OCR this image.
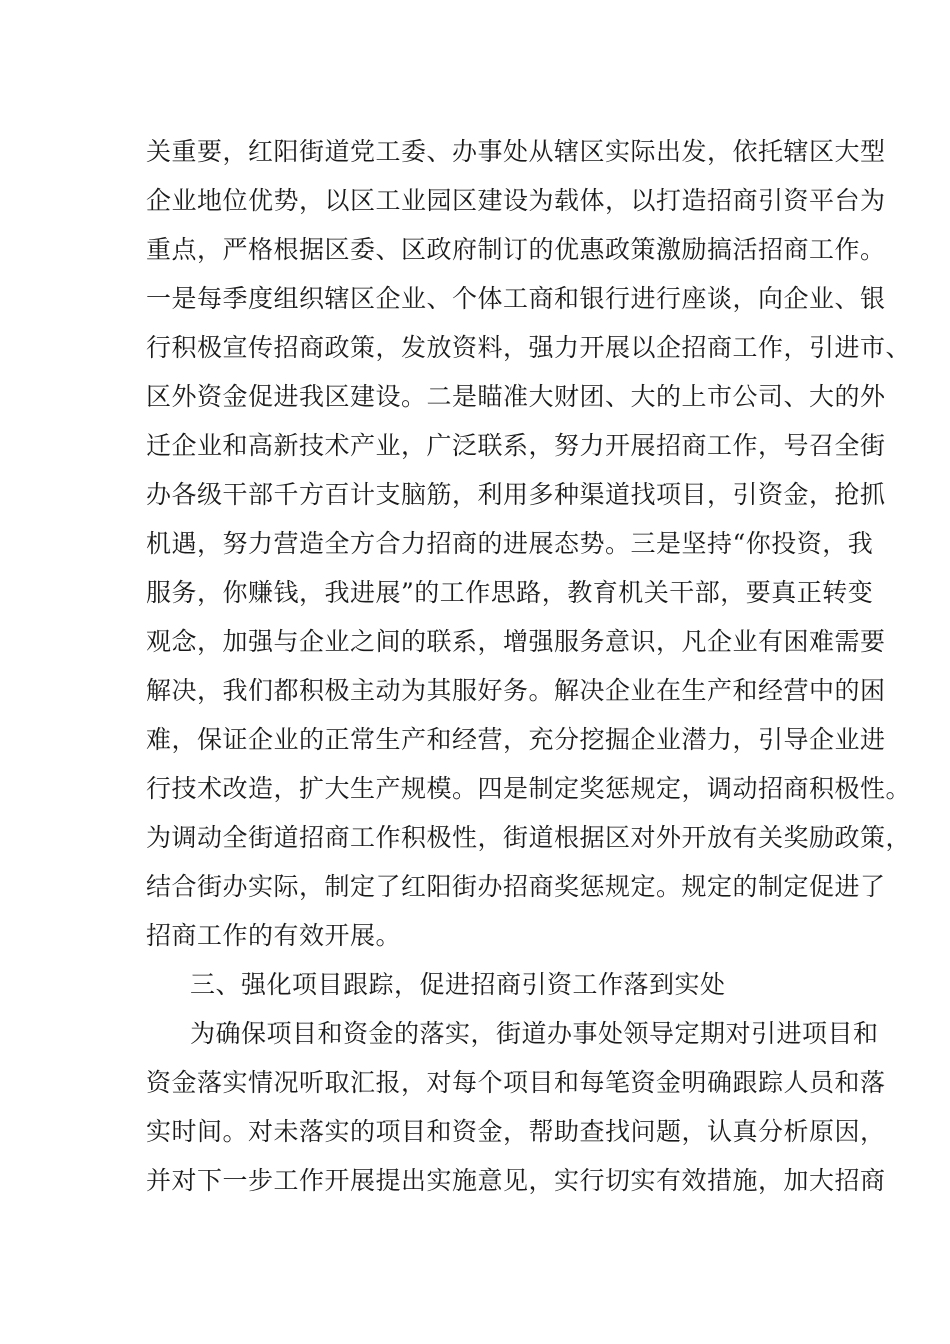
关重要，红阳街道党工委、办事处从辖区实际出发，依托辖区大型
企业地位优势，以区工业园区建设为载体，以打造招商引资平台为
重点，严格根据区委、区政府制订的优惠政策激励搞活招商工作。
一是每季度组织辖区企业、个体工商和银行进行座谈，向企业、银
行积极宣传招商政策，发放资料，强力开展以企招商工作，引进市、
区外资金促进我区建设。二是瞄准大财团、大的上市公司、大的外
迁企业和高新技术产业，广泛联系，努力开展招商工作，号召全街
办各级干部千方百计支脑筋，利用多种渠道找项目，引资金，抢抓
机遇，努力营造全方合力招商的进展态势。三是坚持“你投资，我
服务，你赚钱，我进展”的工作思路，教育机关干部，要真正转变
观念，加强与企业之间的联系，增强服务意识，凡企业有困难需要
解决，我们都积极主动为其服好务。解决企业在生产和经营中的困
难，保证企业的正常生产和经营，充分挖掘企业潜力，引导企业进
行技术改造，扩大生产规模。四是制定奖惩规定，调动招商积极性。
为调动全街道招商工作积极性，街道根据区对外开放有关奖励政策，
结合街办实际，制定了红阳街办招商奖惩规定。规定的制定促进了
招商工作的有效开展。
三、强化项目跟踪，促进招商引资工作落到实处
为确保项目和资金的落实，街道办事处领导定期对引进项目和
资金落实情况听取汇报，对每个项目和每笔资金明确跟踪人员和落
实时间。对未落实的项目和资金，帮助查找问题，认真分析原因，
并对下一步工作开展提出实施意见，实行切实有效措施，加大招商
